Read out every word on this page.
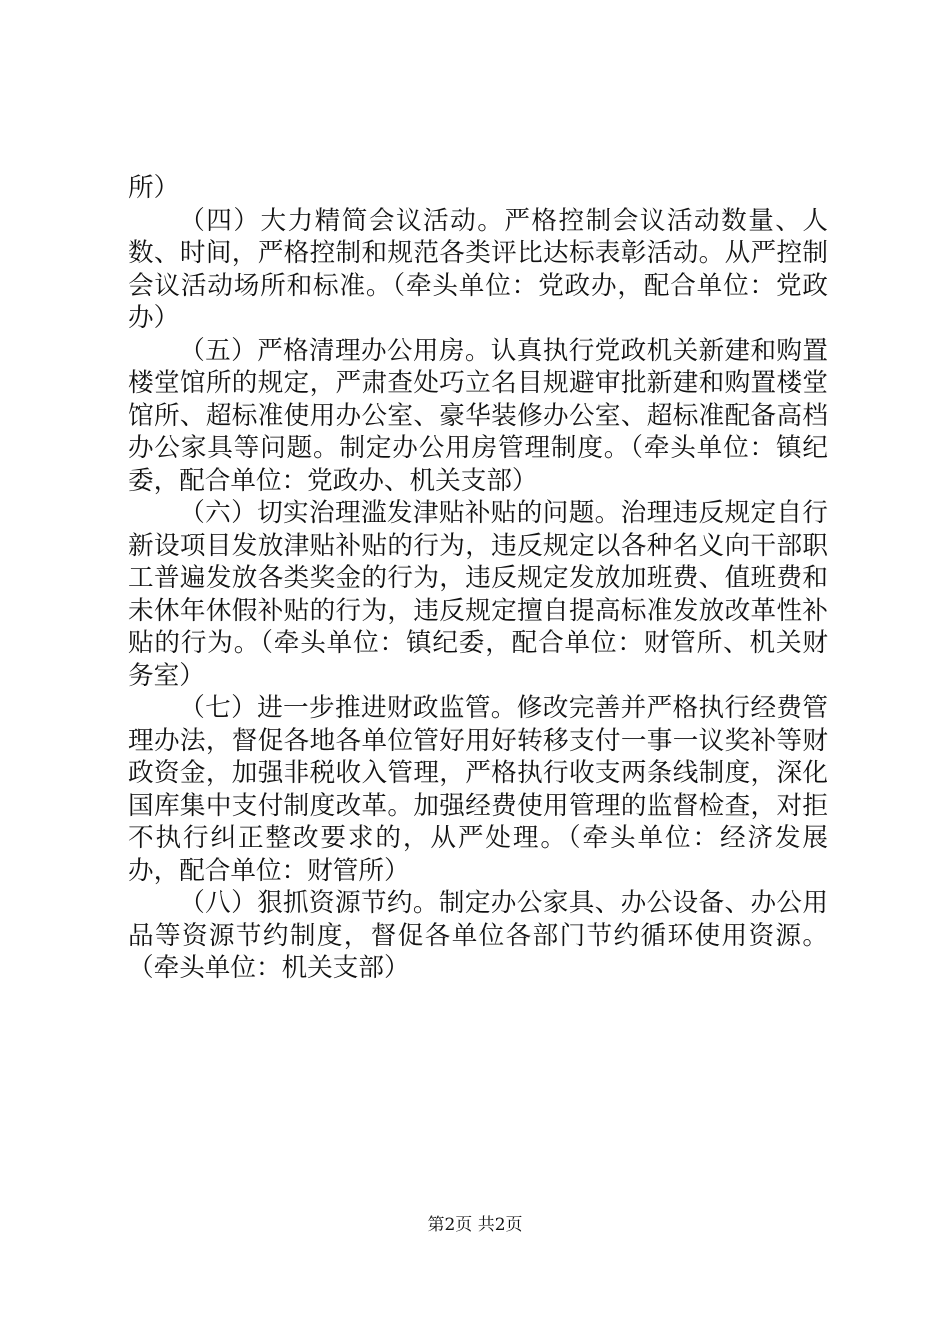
所）

（四）大力精简会议活动。严格控制会议活动数量、人数、时间，严格控制和规范各类评比达标表彰活动。从严控制会议活动场所和标准。（牵头单位：党政办，配合单位：党政办）

（五）严格清理办公用房。认真执行党政机关新建和购置楼堂馆所的规定，严肃查处巧立名目规避审批新建和购置楼堂馆所、超标准使用办公室、豪华装修办公室、超标准配备高档办公家具等问题。制定办公用房管理制度。（牵头单位：镇纪委，配合单位：党政办、机关支部）

（六）切实治理滥发津贴补贴的问题。治理违反规定自行新设项目发放津贴补贴的行为，违反规定以各种名义向干部职工普遍发放各类奖金的行为，违反规定发放加班费、值班费和未休年休假补贴的行为，违反规定擅自提高标准发放改革性补贴的行为。（牵头单位：镇纪委，配合单位：财管所、机关财务室）

（七）进一步推进财政监管。修改完善并严格执行经费管理办法，督促各地各单位管好用好转移支付一事一议奖补等财政资金，加强非税收入管理，严格执行收支两条线制度，深化国库集中支付制度改革。加强经费使用管理的监督检查，对拒不执行纠正整改要求的，从严处理。（牵头单位：经济发展办，配合单位：财管所）

（八）狠抓资源节约。制定办公家具、办公设备、办公用品等资源节约制度，督促各单位各部门节约循环使用资源。（牵头单位：机关支部）

第2页 共2页
